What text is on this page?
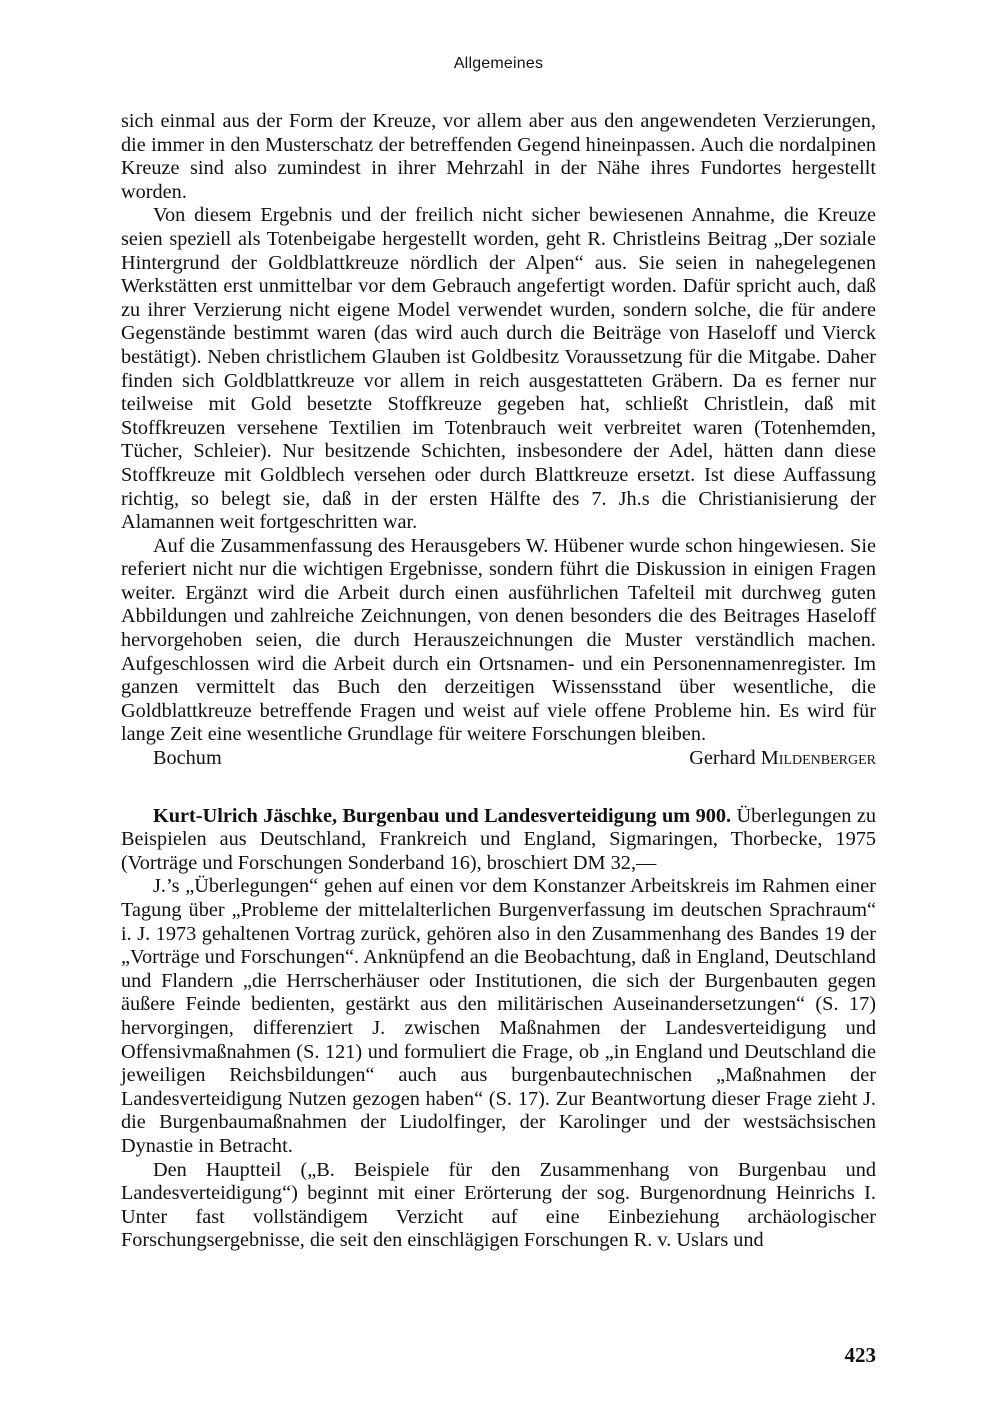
Allgemeines

sich einmal aus der Form der Kreuze, vor allem aber aus den angewendeten Verzierungen, die immer in den Musterschatz der betreffenden Gegend hineinpassen. Auch die nordalpinen Kreuze sind also zumindest in ihrer Mehrzahl in der Nähe ihres Fundortes hergestellt worden.

Von diesem Ergebnis und der freilich nicht sicher bewiesenen Annahme, die Kreuze seien speziell als Totenbeigabe hergestellt worden, geht R. Christleins Beitrag „Der soziale Hintergrund der Goldblattkreuze nördlich der Alpen“ aus. Sie seien in nahegelegenen Werkstätten erst unmittelbar vor dem Gebrauch angefertigt worden. Dafür spricht auch, daß zu ihrer Verzierung nicht eigene Model verwendet wurden, sondern solche, die für andere Gegenstände bestimmt waren (das wird auch durch die Beiträge von Haseloff und Vierck bestätigt). Neben christlichem Glauben ist Goldbesitz Voraussetzung für die Mitgabe. Daher finden sich Goldblattkreuze vor allem in reich ausgestatteten Gräbern. Da es ferner nur teilweise mit Gold besetzte Stoffkreuze gegeben hat, schließt Christlein, daß mit Stoffkreuzen versehene Textilien im Totenbrauch weit verbreitet waren (Totenhemden, Tücher, Schleier). Nur besitzende Schichten, insbesondere der Adel, hätten dann diese Stoffkreuze mit Goldblech versehen oder durch Blattkreuze ersetzt. Ist diese Auffassung richtig, so belegt sie, daß in der ersten Hälfte des 7. Jh.s die Christianisierung der Alamannen weit fortgeschritten war.

Auf die Zusammenfassung des Herausgebers W. Hübener wurde schon hingewiesen. Sie referiert nicht nur die wichtigen Ergebnisse, sondern führt die Diskussion in einigen Fragen weiter. Ergänzt wird die Arbeit durch einen ausführlichen Tafelteil mit durchweg guten Abbildungen und zahlreiche Zeichnungen, von denen besonders die des Beitrages Haseloff hervorgehoben seien, die durch Herauszeichnungen die Muster verständlich machen. Aufgeschlossen wird die Arbeit durch ein Ortsnamen- und ein Personennamenregister. Im ganzen vermittelt das Buch den derzeitigen Wissensstand über wesentliche, die Goldblattkreuze betreffende Fragen und weist auf viele offene Probleme hin. Es wird für lange Zeit eine wesentliche Grundlage für weitere Forschungen bleiben.

Bochum	Gerhard Mildenberger

Kurt-Ulrich Jäschke, Burgenbau und Landesverteidigung um 900. Überlegungen zu Beispielen aus Deutschland, Frankreich und England, Sigmaringen, Thorbecke, 1975 (Vorträge und Forschungen Sonderband 16), broschiert DM 32,—

J.’s „Überlegungen“ gehen auf einen vor dem Konstanzer Arbeitskreis im Rahmen einer Tagung über „Probleme der mittelalterlichen Burgenverfassung im deutschen Sprachraum“ i. J. 1973 gehaltenen Vortrag zurück, gehören also in den Zusammenhang des Bandes 19 der „Vorträge und Forschungen“. Anknüpfend an die Beobachtung, daß in England, Deutschland und Flandern „die Herrscherhäuser oder Institutionen, die sich der Burgenbauten gegen äußere Feinde bedienten, gestärkt aus den militärischen Auseinandersetzungen“ (S. 17) hervorgingen, differenziert J. zwischen Maßnahmen der Landesverteidigung und Offensivmaßnahmen (S. 121) und formuliert die Frage, ob „in England und Deutschland die jeweiligen Reichsbildungen“ auch aus burgenbautechnischen „Maßnahmen der Landesverteidigung Nutzen gezogen haben“ (S. 17). Zur Beantwortung dieser Frage zieht J. die Burgenbaumaßnahmen der Liudolfinger, der Karolinger und der westsächsischen Dynastie in Betracht.

Den Hauptteil („B. Beispiele für den Zusammenhang von Burgenbau und Landesverteidigung“) beginnt mit einer Erörterung der sog. Burgenordnung Heinrichs I. Unter fast vollständigem Verzicht auf eine Einbeziehung archäologischer Forschungsergebnisse, die seit den einschlägigen Forschungen R. v. Uslars und

423
